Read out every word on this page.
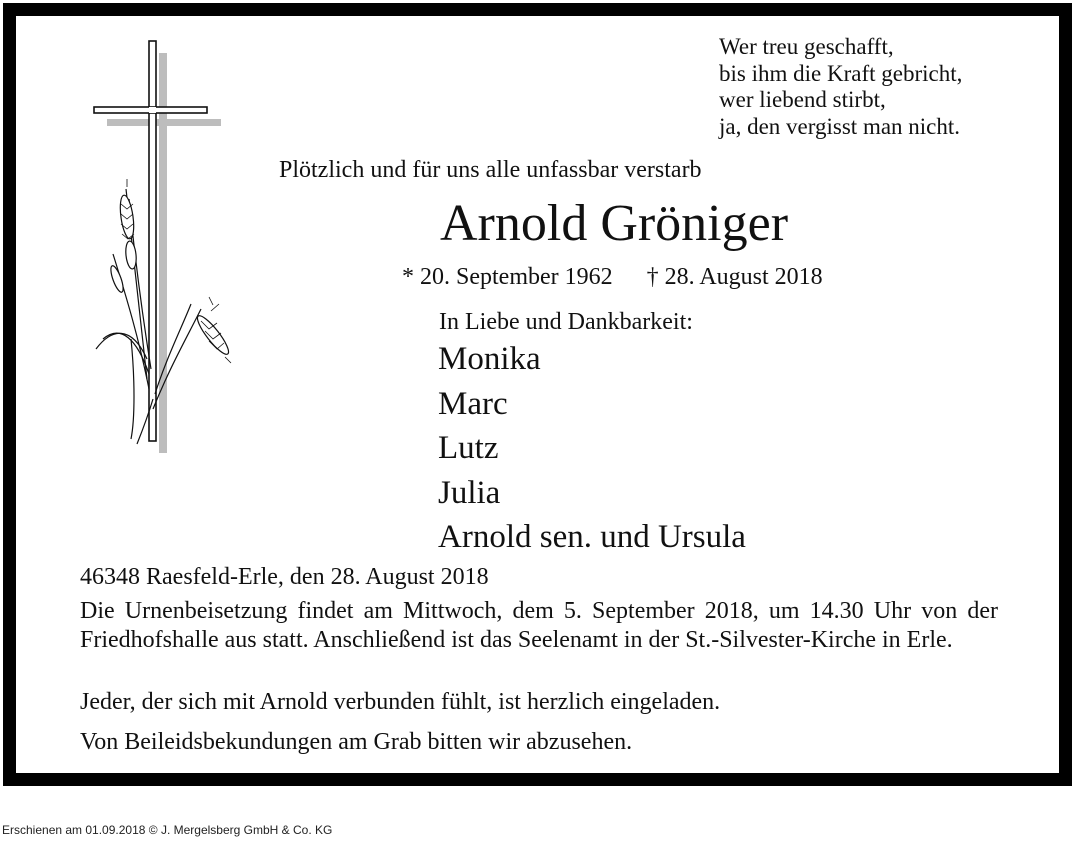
Wer treu geschafft,
bis ihm die Kraft gebricht,
wer liebend stirbt,
ja, den vergisst man nicht.
Plötzlich und für uns alle unfassbar verstarb
Arnold Gröniger
* 20. September 1962 † 28. August 2018
In Liebe und Dankbarkeit:
Monika
Marc
Lutz
Julia
Arnold sen. und Ursula
46348 Raesfeld-Erle, den 28. August 2018
Die Urnenbeisetzung findet am Mittwoch, dem 5. September 2018, um 14.30 Uhr von der Friedhofshalle aus statt. Anschließend ist das Seelenamt in der St.-Silvester-Kirche in Erle.
Jeder, der sich mit Arnold verbunden fühlt, ist herzlich eingeladen.
Von Beileidsbekundungen am Grab bitten wir abzusehen.
Erschienen am 01.09.2018 © J. Mergelsberg GmbH & Co. KG
